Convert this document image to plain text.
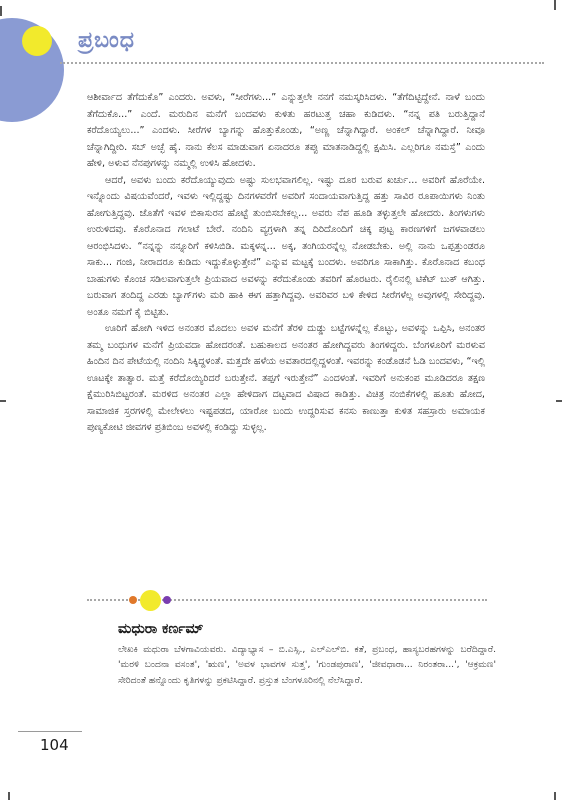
ಪ್ರಬಂಧ

ಆಶೀರ್ವಾದ ತೆಗೆದುಕೊ” ಎಂದರು. ಅವಳು, “ಸೀರೆಗಳು...” ಎನ್ನುತ್ತಲೇ ನನಗೆ ನಮಸ್ಕರಿಸಿದಳು. “ತೆಗೆದಿಟ್ಟಿದ್ದೇನೆ. ನಾಳೆ ಬಂದು ತೆಗೆದುಕೊ...” ಎಂದೆ. ಮರುದಿನ ಮನೆಗೆ ಬಂದವಳು ಕುಳಿತು ಹರಟುತ್ತ ಚಹಾ ಕುಡಿದಳು. “ನನ್ನ ಪತಿ ಬರುತ್ತಿದ್ದಾನೆ ಕರೆದೊಯ್ಯಲು...” ಎಂದಳು. ಸೀರೆಗಳ ಬ್ಯಾಗನ್ನು ಹೊತ್ತುಕೊಂಡು, “ಅಣ್ಣ ಚೆನ್ನಾಗಿದ್ದಾರೆ. ಅಂಕಲ್ ಚೆನ್ನಾಗಿದ್ದಾರೆ. ನೀವೂ ಚೆನ್ನಾಗಿದ್ದೀರಿ. ಸಬ್ ಅಚ್ಛೆ ಹೈ. ನಾನು ಕೆಲಸ ಮಾಡುವಾಗ ಏನಾದರೂ ತಪ್ಪು ಮಾತನಾಡಿದ್ದಲ್ಲಿ ಕ್ಷಮಿಸಿ. ಎಲ್ಲರಿಗೂ ನಮಸ್ತೆ” ಎಂದು ಹೇಳಿ, ಅಳುವ ನೆನಪುಗಳನ್ನು ನಮ್ಮಲ್ಲಿ ಉಳಿಸಿ ಹೋದಳು.

ಆದರೆ, ಅವಳು ಬಂದು ಕರೆದೊಯ್ಯುವುದು ಅಷ್ಟು ಸುಲಭವಾಗಲಿಲ್ಲ. ಇಷ್ಟು ದೂರ ಬರುವ ಖರ್ಚು... ಅವರಿಗೆ ಹೊರೆಯೇ. ಇನ್ನೊಂದು ವಿಷಯವೆಂದರೆ, ಇವಳು ಇಲ್ಲಿದ್ದಷ್ಟು ದಿನಗಳವರೆಗೆ ಅವರಿಗೆ ಸಂದಾಯವಾಗುತ್ತಿದ್ದ ಹತ್ತು ಸಾವಿರ ರೂಪಾಯಿಗಳು ನಿಂತು ಹೋಗುತ್ತಿದ್ದವು. ಜೊತೆಗೆ ಇವಳ ಬಿಕಾಸುರನ ಹೊಟ್ಟೆ ತುಂಬಿಸಬೇಕಲ್ಲ... ಅವರು ನೆಪ ಹೂಡಿ ತಳ್ಳುತ್ತಲೇ ಹೋದರು. ತಿಂಗಳುಗಳು ಉರುಳಿದವು. ಕೊರೊನಾದ ಗಲಾಟೆ ಬೇರೆ. ನಂದಿನಿ ವ್ಯಗ್ರಳಾಗಿ ತನ್ನ ದಿರಿದೊಂದಿಗೆ ಚಿಕ್ಕ ಪುಟ್ಟ ಕಾರಣಗಳಿಗೆ ಜಗಳವಾಡಲು ಆರಂಭಿಸಿದಳು. “ನನ್ನನ್ನು ನನ್ನೂರಿಗೆ ಕಳಿಸಿಬಿಡಿ. ಮಕ್ಕಳನ್ನ... ಅಕ್ಕ, ತಂಗಿಯರನ್ನೆಲ್ಲ ನೋಡಬೇಕು. ಅಲ್ಲಿ ನಾನು ಒಪ್ಪತ್ತುಂಡರೂ ಸಾಕು... ಗಂಜಿ, ನೀರಾದರೂ ಕುಡಿದು ಇದ್ದುಕೊಳ್ಳುತ್ತೇನೆ” ಎನ್ನುವ ಮಟ್ಟಕ್ಕೆ ಬಂದಳು. ಅವರಿಗೂ ಸಾಕಾಗಿತ್ತು. ಕೊರೊನಾದ ಕಬಂಧ ಬಾಹುಗಳು ಕೊಂಚ ಸಡಿಲವಾಗುತ್ತಲೇ ಪ್ರಿಯವಾದ ಅವಳನ್ನು ಕರೆದುಕೊಂಡು ತವರಿಗೆ ಹೊರಟರು. ರೈಲಿನಲ್ಲಿ ಟಿಕೆಟ್ ಬುಕ್ ಆಗಿತ್ತು. ಬರುವಾಗ ತಂದಿದ್ದ ಎರಡು ಬ್ಯಾಗ್‌ಗಳು ಮರಿ ಹಾಕಿ ಈಗ ಹತ್ತಾಗಿದ್ದವು. ಅವರಿವರ ಬಳಿ ಕೇಳಿದ ಸೀರೆಗಳೆಲ್ಲ ಅವುಗಳಲ್ಲಿ ಸೇರಿದ್ದವು. ಅಂತೂ ನಮಗೆ ಕೈ ಬಿಟ್ಟಿತು.

ಊರಿಗೆ ಹೋಗಿ ಇಳಿದ ಅನಂತರ ಮೊದಲು ಅವಳ ಮನೆಗೆ ತೆರಳಿ ದುಡ್ಡು ಬಟ್ಟೆಗಳನ್ನೆಲ್ಲ ಕೊಟ್ಟು, ಅವಳನ್ನು ಒಪ್ಪಿಸಿ, ಅನಂತರ ತಮ್ಮ ಬಂಧುಗಳ ಮನೆಗೆ ಪ್ರಿಯವದಾ ಹೋದರಂತೆ. ಬಹುಕಾಲದ ಅನಂತರ ಹೋಗಿದ್ದವರು ತಿಂಗಳಿದ್ದರು. ಬೆಂಗಳೂರಿಗೆ ಮರಳುವ ಹಿಂದಿನ ದಿನ ಪೇಟೆಯಲ್ಲಿ ನಂದಿನಿ ಸಿಕ್ಕಿದ್ದಳಂತೆ. ಮತ್ತದೇ ಹಳೆಯ ಅವತಾರದಲ್ಲಿದ್ದಳಂತೆ. ಇವರನ್ನು ಕಂಡೊಡನೆ ಓಡಿ ಬಂದವಳು, “ಇಲ್ಲಿ ಊಟಕ್ಕೇ ತಾತ್ವಾರ. ಮತ್ತೆ ಕರೆದೊಯ್ಯಿರಿದರೆ ಬರುತ್ತೇನೆ. ತಪ್ಪಗೆ ಇರುತ್ತೇನೆ” ಎಂದಳಂತೆ. ಇವರಿಗೆ ಅನುಕಂಪ ಮೂಡಿದರೂ ತಕ್ಷಣ ಕ್ಷೆಮುರಿಸಿಬಿಟ್ಟರಂತೆ. ಮರಳಿದ ಅನಂತರ ಎಲ್ಲಾ ಹೇಳಿದಾಗ ದಟ್ಟವಾದ ವಿಷಾದ ಕಾಡಿತ್ತು. ವಿಚಿತ್ರ ನಂಬಿಕೆಗಳಲ್ಲಿ ಹೂತು ಹೋದ, ಸಾಮಾಜಿಕ ಸ್ತರಗಳಲ್ಲಿ ಮೇಲೇಳಲು ಇಷ್ಟಪಡದ, ಯಾರೋ ಬಂದು ಉದ್ದರಿಸುವ ಕನಸು ಕಾಣುತ್ತಾ ಕುಳಿತ ಸಹಸ್ರಾರು ಅಮಾಯಕ ಪುಣ್ಯಕೋಟಿ ಜೀವಗಳ ಪ್ರತಿಬಿಂಬ ಅವಳಲ್ಲಿ ಕಂಡಿದ್ದು ಸುಳ್ಳಲ್ಲ.

ಮಧುರಾ ಕರ್ಣಮ್
ಲೇಖಕಿ ಮಧುರಾ ಬೆಳಗಾವಿಯವರು. ವಿದ್ಯಾಭ್ಯಾಸ – ಬಿ.ಎಸ್ಸಿ., ಎಲ್‌ಎಲ್‌ಬಿ. ಕತೆ, ಪ್ರಬಂಧ, ಹಾಸ್ಯಬರಹಗಳನ್ನು ಬರೆದಿದ್ದಾರೆ. 'ಮರಳಿ ಬಂದನಾ ವಸಂತ', 'ಋಣ', 'ಅವಳ ಭಾವಗಳ ಸುತ್ತ', 'ಗುಂಡಪುರಾಣ', 'ಜೀವಧಾರಾ... ನಿರಂತರಾ...', 'ಆಕ್ರಮಣ' ಸೇರಿದಂತೆ ಹನ್ನೊಂದು ಕೃತಿಗಳನ್ನು ಪ್ರಕಟಿಸಿದ್ದಾರೆ. ಪ್ರಸ್ತುತ ಬೆಂಗಳೂರಿನಲ್ಲಿ ನೆಲೆಸಿದ್ದಾರೆ.
104
